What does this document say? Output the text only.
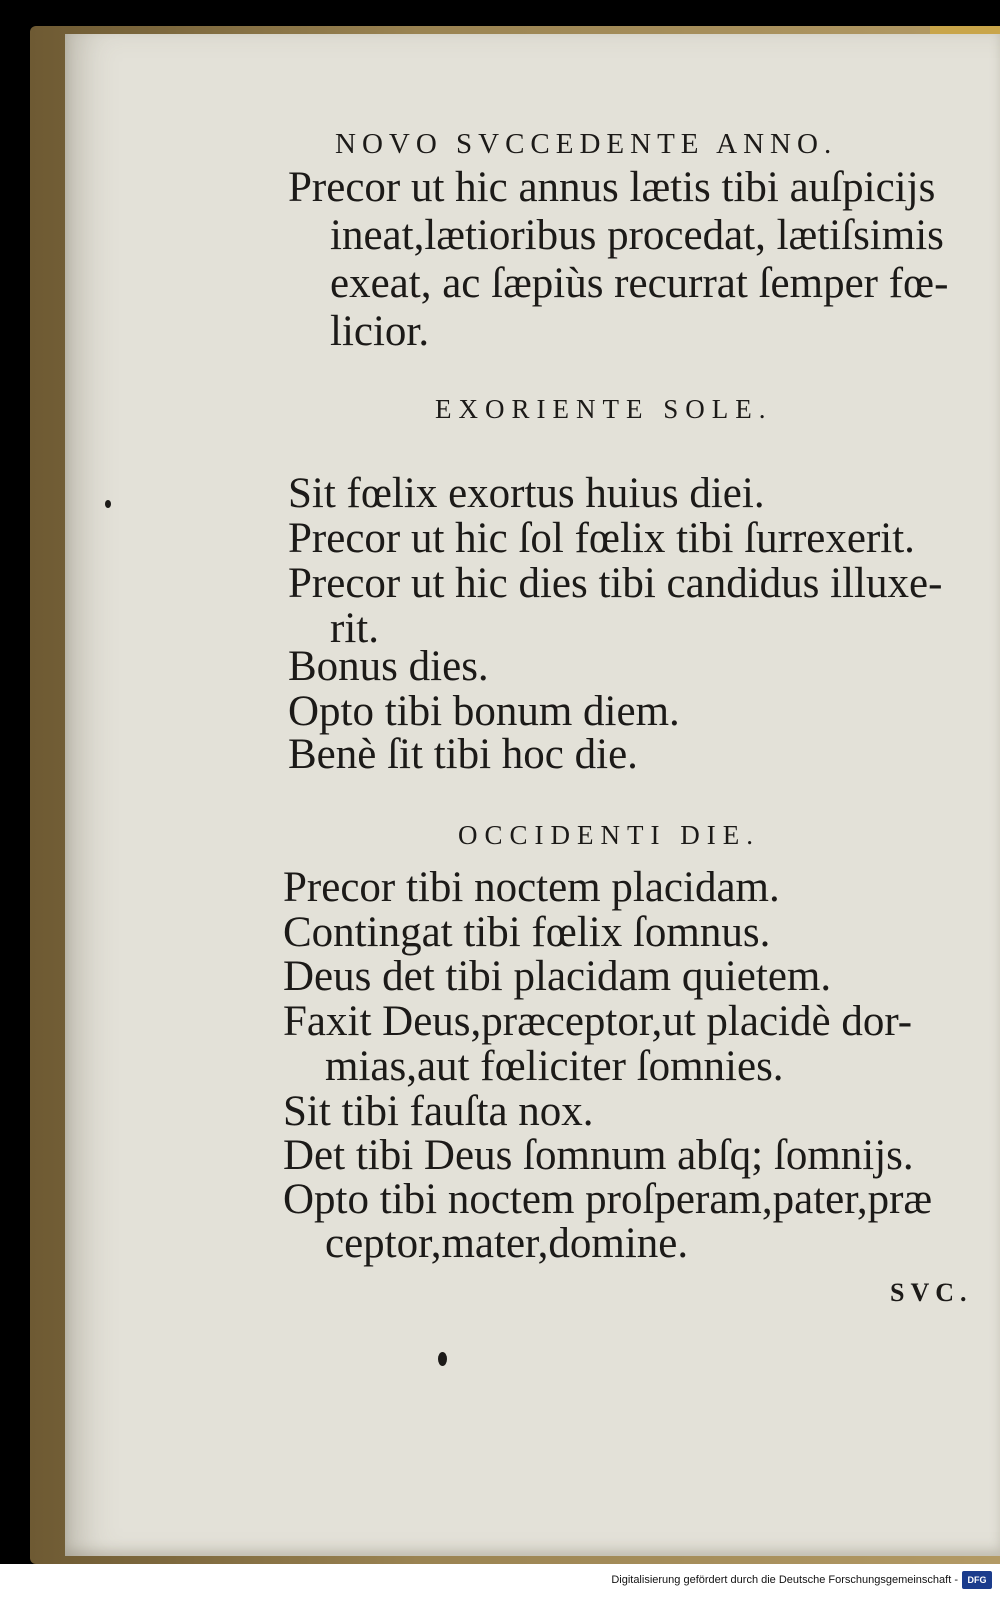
NOVO SVCCEDENTE ANNO.
Precor ut hic annus lætis tibi auſpicijs
ineat,lætioribus procedat, lætiſsimis
exeat, ac ſæpiùs recurrat ſemper fœ-
licior.
EXORIENTE SOLE.
Sit fœlix exortus huius diei.
Precor ut hic ſol fœlix tibi ſurrexerit.
Precor ut hic dies tibi candidus illuxe-
rit.
Bonus dies.
Opto tibi bonum diem.
Benè ſit tibi hoc die.
OCCIDENTI DIE.
Precor tibi noctem placidam.
Contingat tibi fœlix ſomnus.
Deus det tibi placidam quietem.
Faxit Deus,præceptor,ut placidè dor-
mias,aut fœliciter ſomnies.
Sit tibi fauſta nox.
Det tibi Deus ſomnum abſq; ſomnijs.
Opto tibi noctem proſperam,pater,præ
ceptor,mater,domine.
SVC.
Digitalisierung gefördert durch die Deutsche Forschungsgemeinschaft -	DFG
